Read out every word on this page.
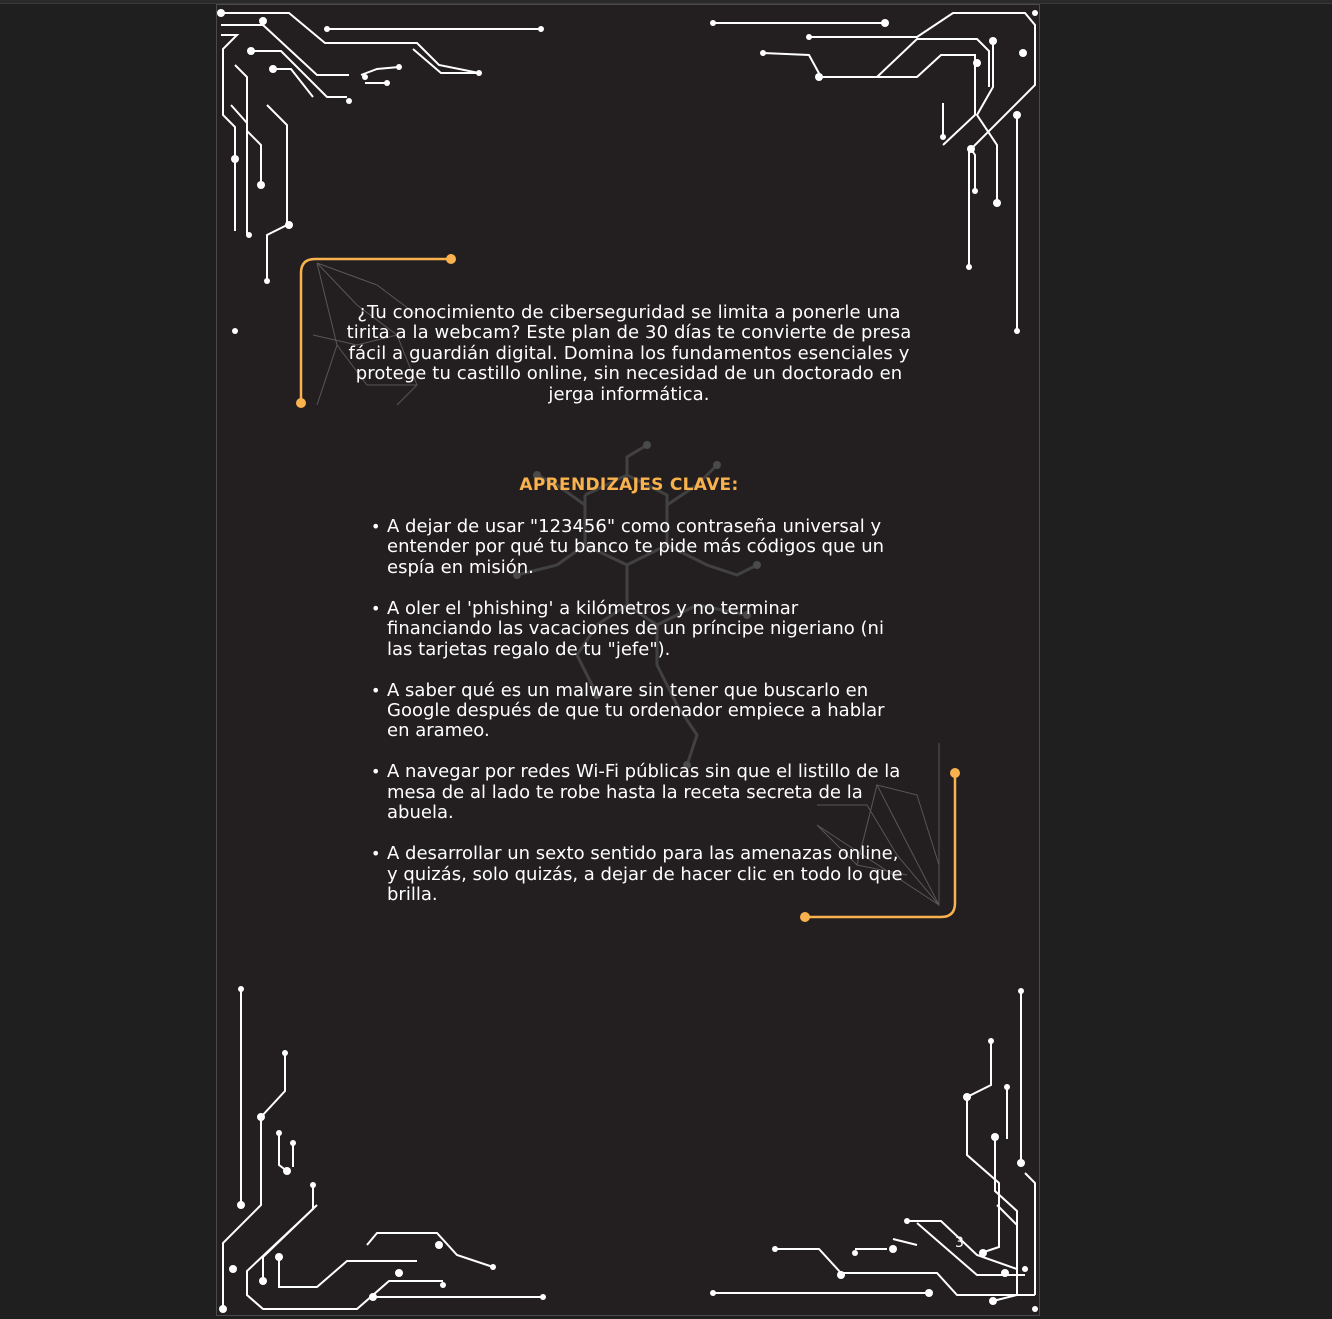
¿Tu conocimiento de ciberseguridad se limita a ponerle una tirita a la webcam? Este plan de 30 días te convierte de presa fácil a guardián digital. Domina los fundamentos esenciales y protege tu castillo online, sin necesidad de un doctorado en jerga informática.

APRENDIZAJES CLAVE:
• A dejar de usar "123456" como contraseña universal y entender por qué tu banco te pide más códigos que un espía en misión.
• A oler el 'phishing' a kilómetros y no terminar financiando las vacaciones de un príncipe nigeriano (ni las tarjetas regalo de tu "jefe").
• A saber qué es un malware sin tener que buscarlo en Google después de que tu ordenador empiece a hablar en arameo.
• A navegar por redes Wi-Fi públicas sin que el listillo de la mesa de al lado te robe hasta la receta secreta de la abuela.
• A desarrollar un sexto sentido para las amenazas online, y quizás, solo quizás, a dejar de hacer clic en todo lo que brilla.
3
